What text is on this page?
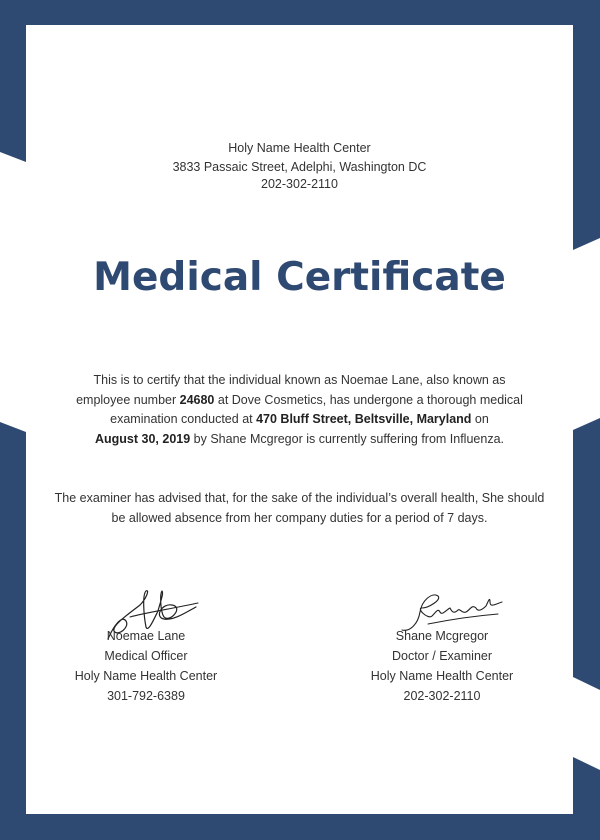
Holy Name Health Center
3833 Passaic Street, Adelphi, Washington DC
202-302-2110
Medical Certificate
This is to certify that the individual known as Noemae Lane, also known as
employee number 24680 at Dove Cosmetics, has undergone a thorough medical
examination conducted at 470 Bluff Street, Beltsville, Maryland on
August 30, 2019 by Shane Mcgregor is currently suffering from Influenza.
The examiner has advised that, for the sake of the individual’s overall health, She should
be allowed absence from her company duties for a period of 7 days.
Noemae Lane
Medical Officer
Holy Name Health Center
301-792-6389
Shane Mcgregor
Doctor / Examiner
Holy Name Health Center
202-302-2110
